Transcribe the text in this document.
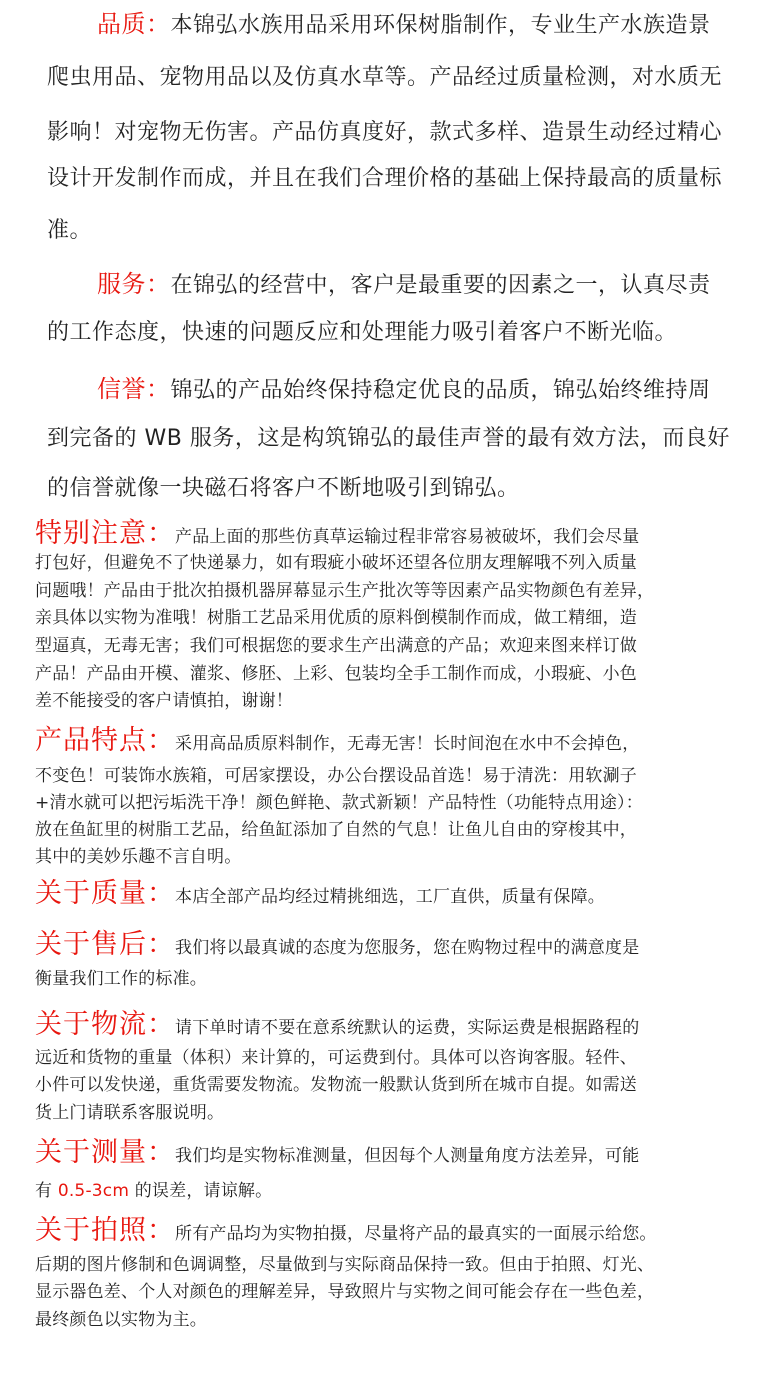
品质：本锦弘水族用品采用环保树脂制作，专业生产水族造景
爬虫用品、宠物用品以及仿真水草等。产品经过质量检测，对水质无
影响！对宠物无伤害。产品仿真度好，款式多样、造景生动经过精心
设计开发制作而成，并且在我们合理价格的基础上保持最高的质量标
准。
服务：在锦弘的经营中，客户是最重要的因素之一，认真尽责
的工作态度，快速的问题反应和处理能力吸引着客户不断光临。
信誉：锦弘的产品始终保持稳定优良的品质，锦弘始终维持周
到完备的 WB 服务，这是构筑锦弘的最佳声誉的最有效方法，而良好
的信誉就像一块磁石将客户不断地吸引到锦弘。
特别注意：产品上面的那些仿真草运输过程非常容易被破坏，我们会尽量
打包好，但避免不了快递暴力，如有瑕疵小破坏还望各位朋友理解哦不列入质量
问题哦！产品由于批次拍摄机器屏幕显示生产批次等等因素产品实物颜色有差异，
亲具体以实物为准哦！树脂工艺品采用优质的原料倒模制作而成，做工精细，造
型逼真，无毒无害；我们可根据您的要求生产出满意的产品；欢迎来图来样订做
产品！产品由开模、灌浆、修胚、上彩、包装均全手工制作而成，小瑕疵、小色
差不能接受的客户请慎拍，谢谢！
产品特点：采用高品质原料制作，无毒无害！长时间泡在水中不会掉色，
不变色！可装饰水族箱，可居家摆设，办公台摆设品首选！易于清洗：用软涮子
+清水就可以把污垢洗干净！颜色鲜艳、款式新颖！产品特性（功能特点用途）：
放在鱼缸里的树脂工艺品，给鱼缸添加了自然的气息！让鱼儿自由的穿梭其中，
其中的美妙乐趣不言自明。
关于质量：本店全部产品均经过精挑细选，工厂直供，质量有保障。
关于售后：我们将以最真诚的态度为您服务，您在购物过程中的满意度是
衡量我们工作的标准。
关于物流：请下单时请不要在意系统默认的运费，实际运费是根据路程的
远近和货物的重量（体积）来计算的，可运费到付。具体可以咨询客服。轻件、
小件可以发快递，重货需要发物流。发物流一般默认货到所在城市自提。如需送
货上门请联系客服说明。
关于测量：我们均是实物标准测量，但因每个人测量角度方法差异，可能
有 0.5-3cm 的误差，请谅解。
关于拍照：所有产品均为实物拍摄，尽量将产品的最真实的一面展示给您。
后期的图片修制和色调调整，尽量做到与实际商品保持一致。但由于拍照、灯光、
显示器色差、个人对颜色的理解差异，导致照片与实物之间可能会存在一些色差，
最终颜色以实物为主。
